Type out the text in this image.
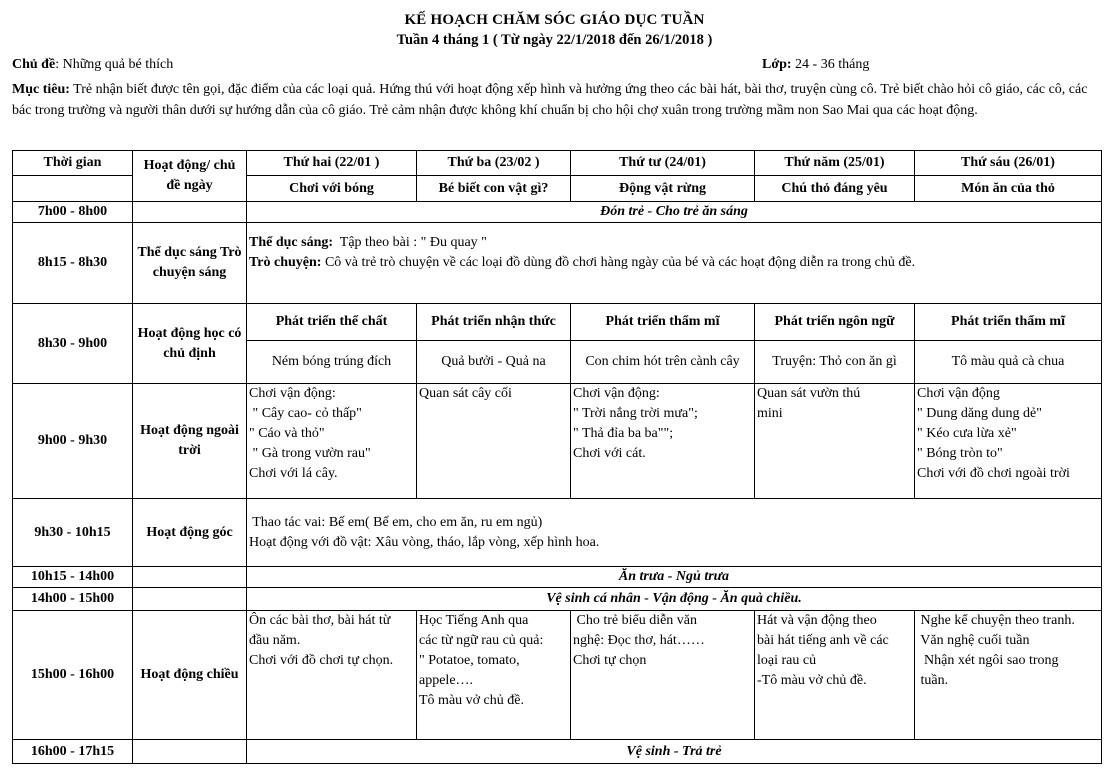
KẾ HOẠCH CHĂM SÓC GIÁO DỤC TUẦN
Tuần 4 tháng 1 ( Từ ngày 22/1/2018 đến 26/1/2018 )
Chủ đề: Những quả bé thích	Lớp: 24 - 36 tháng
Mục tiêu: Trẻ nhận biết được tên gọi, đặc điểm của các loại quả. Hứng thú với hoạt động xếp hình và hưởng ứng theo các bài hát, bài thơ, truyện cùng cô. Trẻ biết chào hỏi cô giáo, các cô, các bác trong trường và người thân dưới sự hướng dẫn của cô giáo. Trẻ cảm nhận được không khí chuẩn bị cho hội chợ xuân trong trường mầm non Sao Mai qua các hoạt động.
Thời gian	Hoạt động/ chủ đề ngày	Thứ hai (22/01 )	Thứ ba (23/02 )	Thứ tư (24/01)	Thứ năm (25/01)	Thứ sáu (26/01)
		Chơi với bóng	Bé biết con vật gì?	Động vật rừng	Chú thỏ đáng yêu	Món ăn của thỏ
7h00 - 8h00		Đón trẻ - Cho trẻ ăn sáng				
8h15 - 8h30	Thể dục sáng Trò chuyện sáng	Thể dục sáng:  Tập theo bài : " Đu quay "
Trò chuyện: Cô và trẻ trò chuyện về các loại đồ dùng đồ chơi hàng ngày của bé và các hoạt động diễn ra trong chủ đề.				

8h30 - 9h00	Hoạt động học có chủ định	Phát triển thể chất	Phát triển nhận thức	Phát triển thẩm mĩ	Phát triển ngôn ngữ	Phát triển thẩm mĩ
		Ném bóng trúng đích	Quả bưởi - Quả na	Con chim hót trên cành cây	Truyện: Thỏ con ăn gì	Tô màu quả cà chua
9h00 - 9h30	Hoạt động ngoài trời	Chơi vận động:
" Cây cao- cỏ thấp"
" Cáo và thỏ"
" Gà trong vườn rau"
Chơi với lá cây.	Quan sát cây cối	Chơi vận động:
" Trời nắng trời mưa";
" Thả đỉa ba ba"";
Chơi với cát.	Quan sát vườn thú
mini	Chơi vận động
" Dung dăng dung dẻ"
" Kéo cưa lừa xẻ"
" Bóng tròn to"
Chơi với đồ chơi ngoài trời
9h30 - 10h15	Hoạt động góc	Thao tác vai: Bế em( Bế em, cho em ăn, ru em ngủ)
Hoạt động với đồ vật: Xâu vòng, tháo, lắp vòng, xếp hình hoa.				

10h15 - 14h00		Ăn trưa - Ngủ trưa				
14h00 - 15h00		Vệ sinh cá nhân - Vận động - Ăn quà chiều.				
15h00 - 16h00	Hoạt động chiều	Ôn các bài thơ, bài hát từ
đầu năm.
Chơi với đồ chơi tự chọn.	Học Tiếng Anh qua
các từ ngữ rau củ quả:
" Potatoe, tomato,
appele….
Tô màu vở chủ đề.	Cho trẻ biểu diễn văn
nghệ: Đọc thơ, hát……
Chơi tự chọn	Hát và vận động theo
bài hát tiếng anh về các
loại rau củ
-Tô màu vở chủ đề.	Nghe kể chuyện theo tranh.
Văn nghệ cuối tuần
Nhận xét ngôi sao trong
tuần.
16h00 - 17h15		Vệ sinh - Trả trẻ				
